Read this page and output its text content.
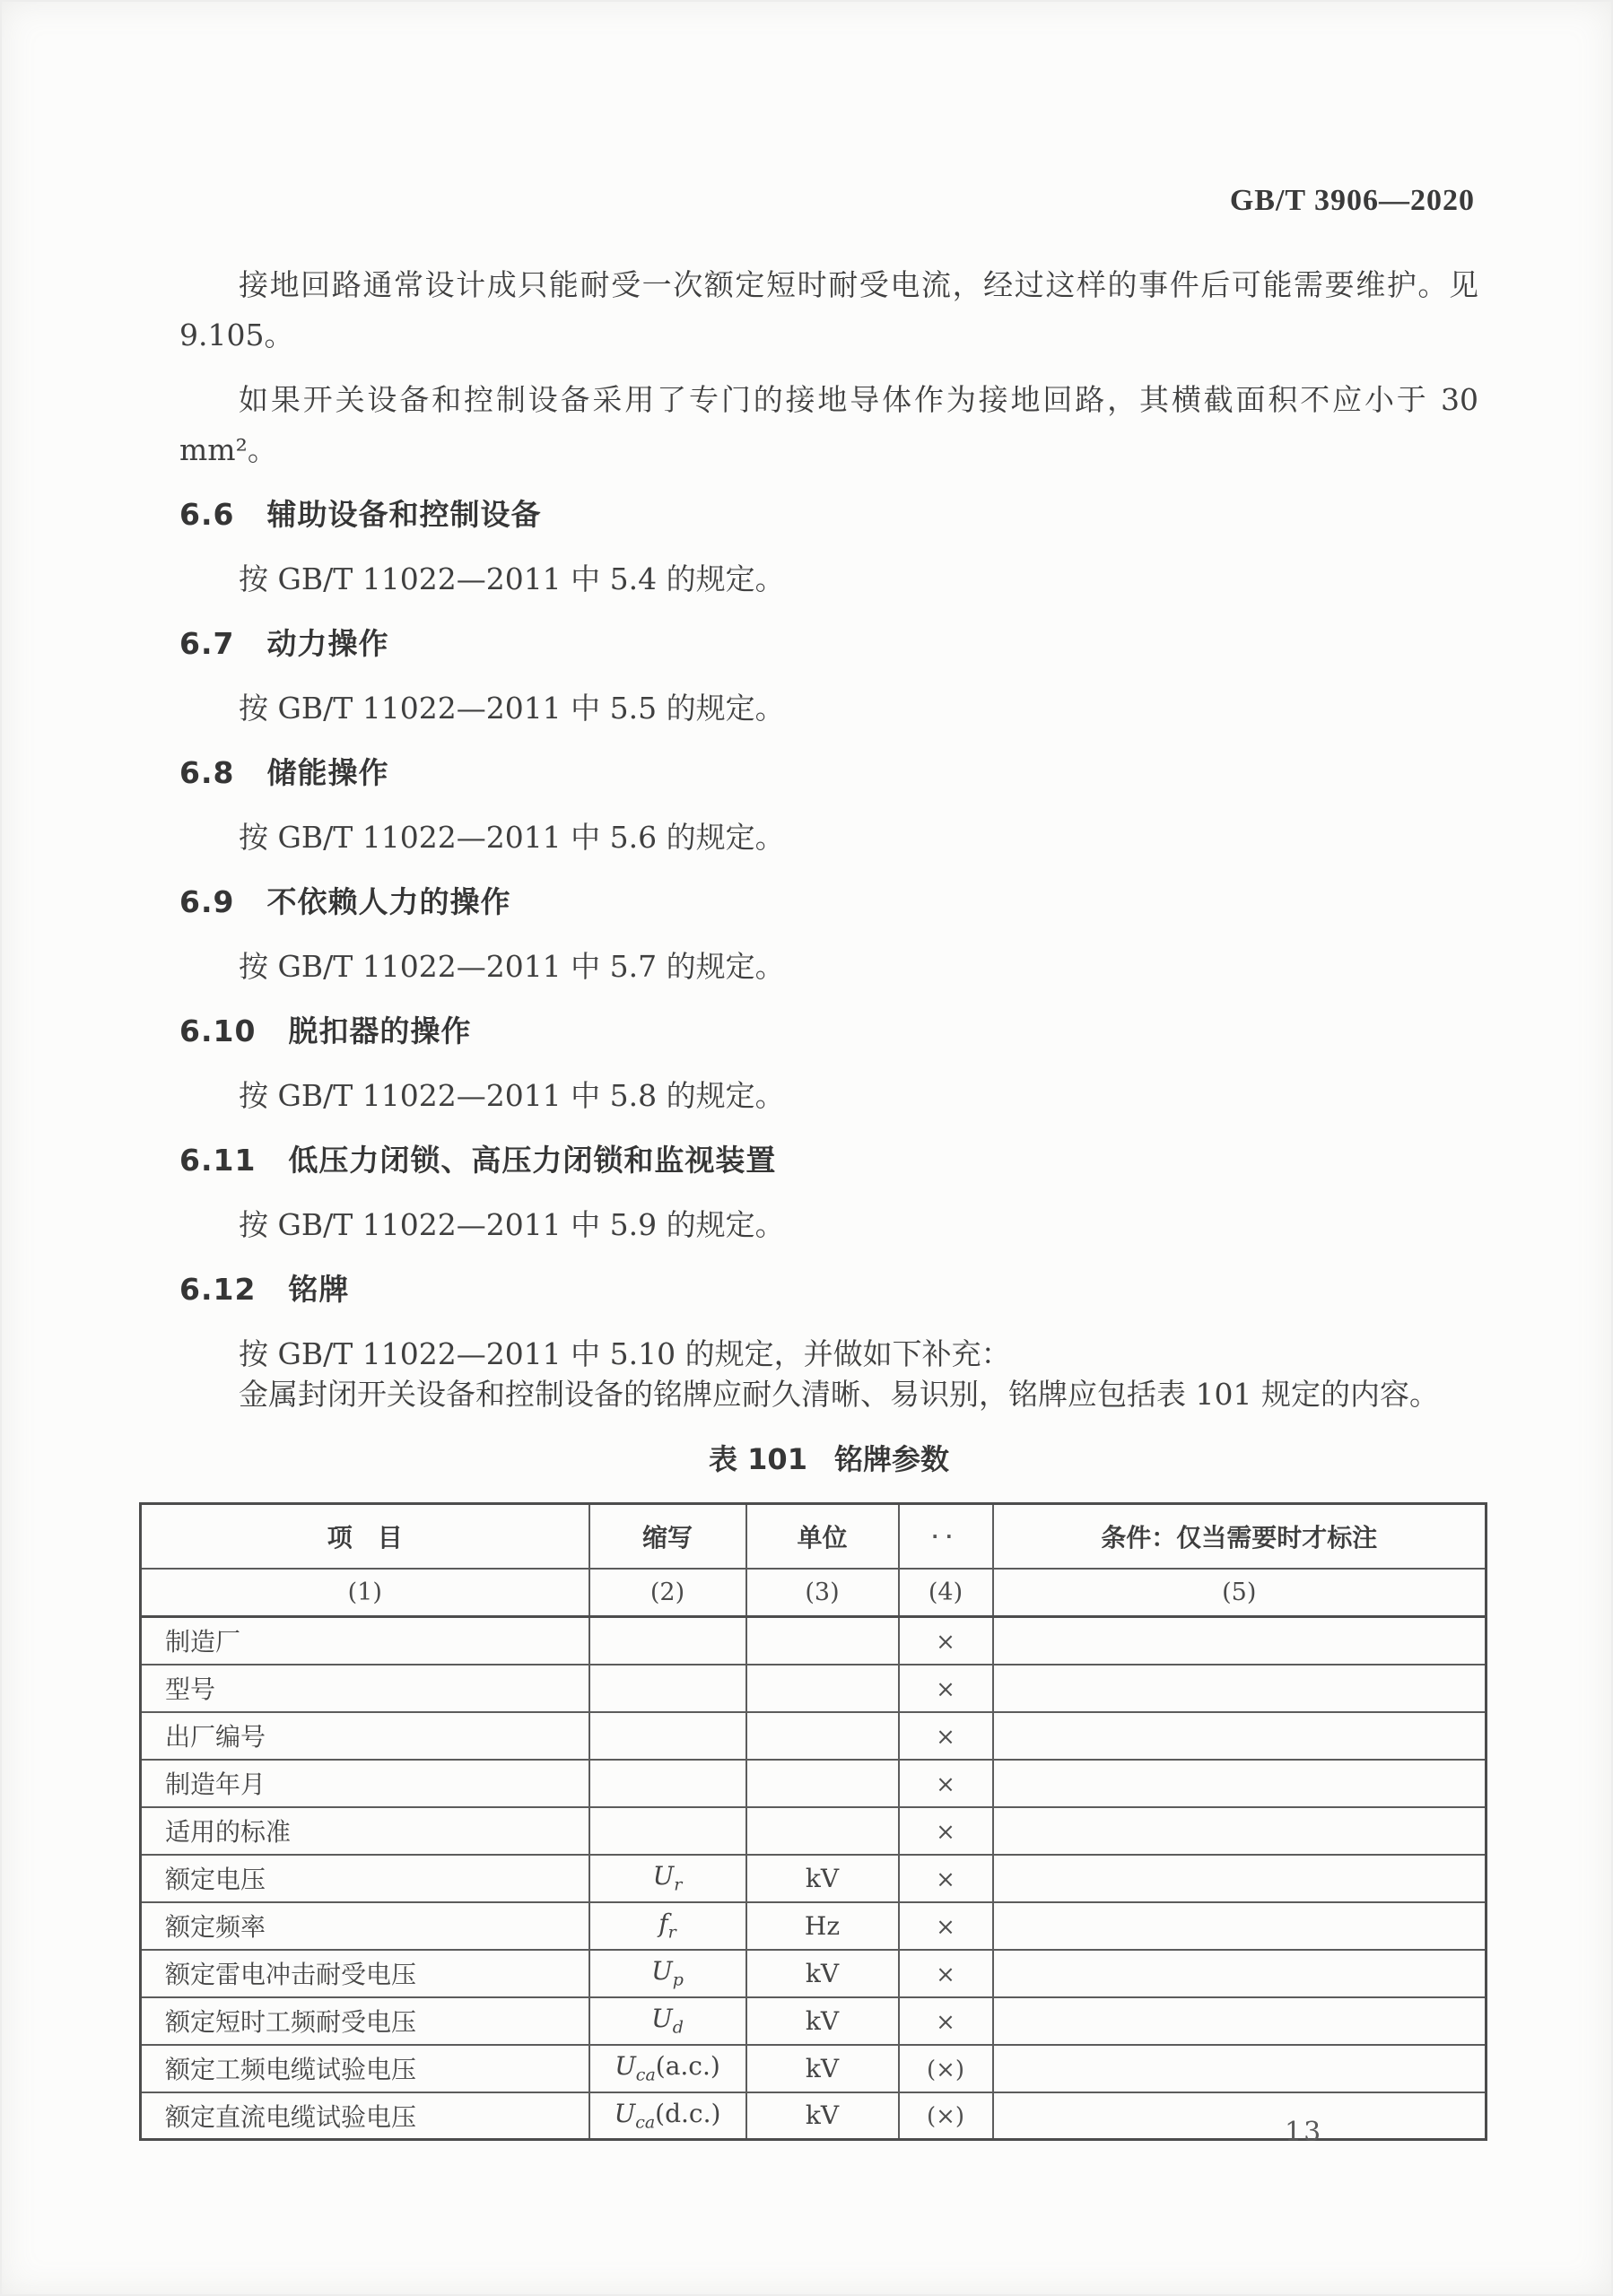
GB/T 3906—2020

接地回路通常设计成只能耐受一次额定短时耐受电流，经过这样的事件后可能需要维护。见 9.105。

如果开关设备和控制设备采用了专门的接地导体作为接地回路，其横截面积不应小于 30 mm²。

6.6 辅助设备和控制设备

按 GB/T 11022—2011 中 5.4 的规定。

6.7 动力操作

按 GB/T 11022—2011 中 5.5 的规定。

6.8 储能操作

按 GB/T 11022—2011 中 5.6 的规定。

6.9 不依赖人力的操作

按 GB/T 11022—2011 中 5.7 的规定。

6.10 脱扣器的操作

按 GB/T 11022—2011 中 5.8 的规定。

6.11 低压力闭锁、高压力闭锁和监视装置

按 GB/T 11022—2011 中 5.9 的规定。

6.12 铭牌

按 GB/T 11022—2011 中 5.10 的规定，并做如下补充：

金属封闭开关设备和控制设备的铭牌应耐久清晰、易识别，铭牌应包括表 101 规定的内容。

表 101 铭牌参数
项　目	缩写	单位	··	条件：仅当需要时才标注
(1)	(2)	(3)	(4)	(5)
制造厂			×	
型号			×	
出厂编号			×	
制造年月			×	
适用的标准			×	
额定电压	$U_r$	kV	×	
额定频率	$f_r$	Hz	×	
额定雷电冲击耐受电压	$U_p$	kV	×	
额定短时工频耐受电压	$U_d$	kV	×	
额定工频电缆试验电压	$U_{ca}(a.c.)$	kV	(×)	
额定直流电缆试验电压	$U_{ca}(d.c.)$	kV	(×)		13
